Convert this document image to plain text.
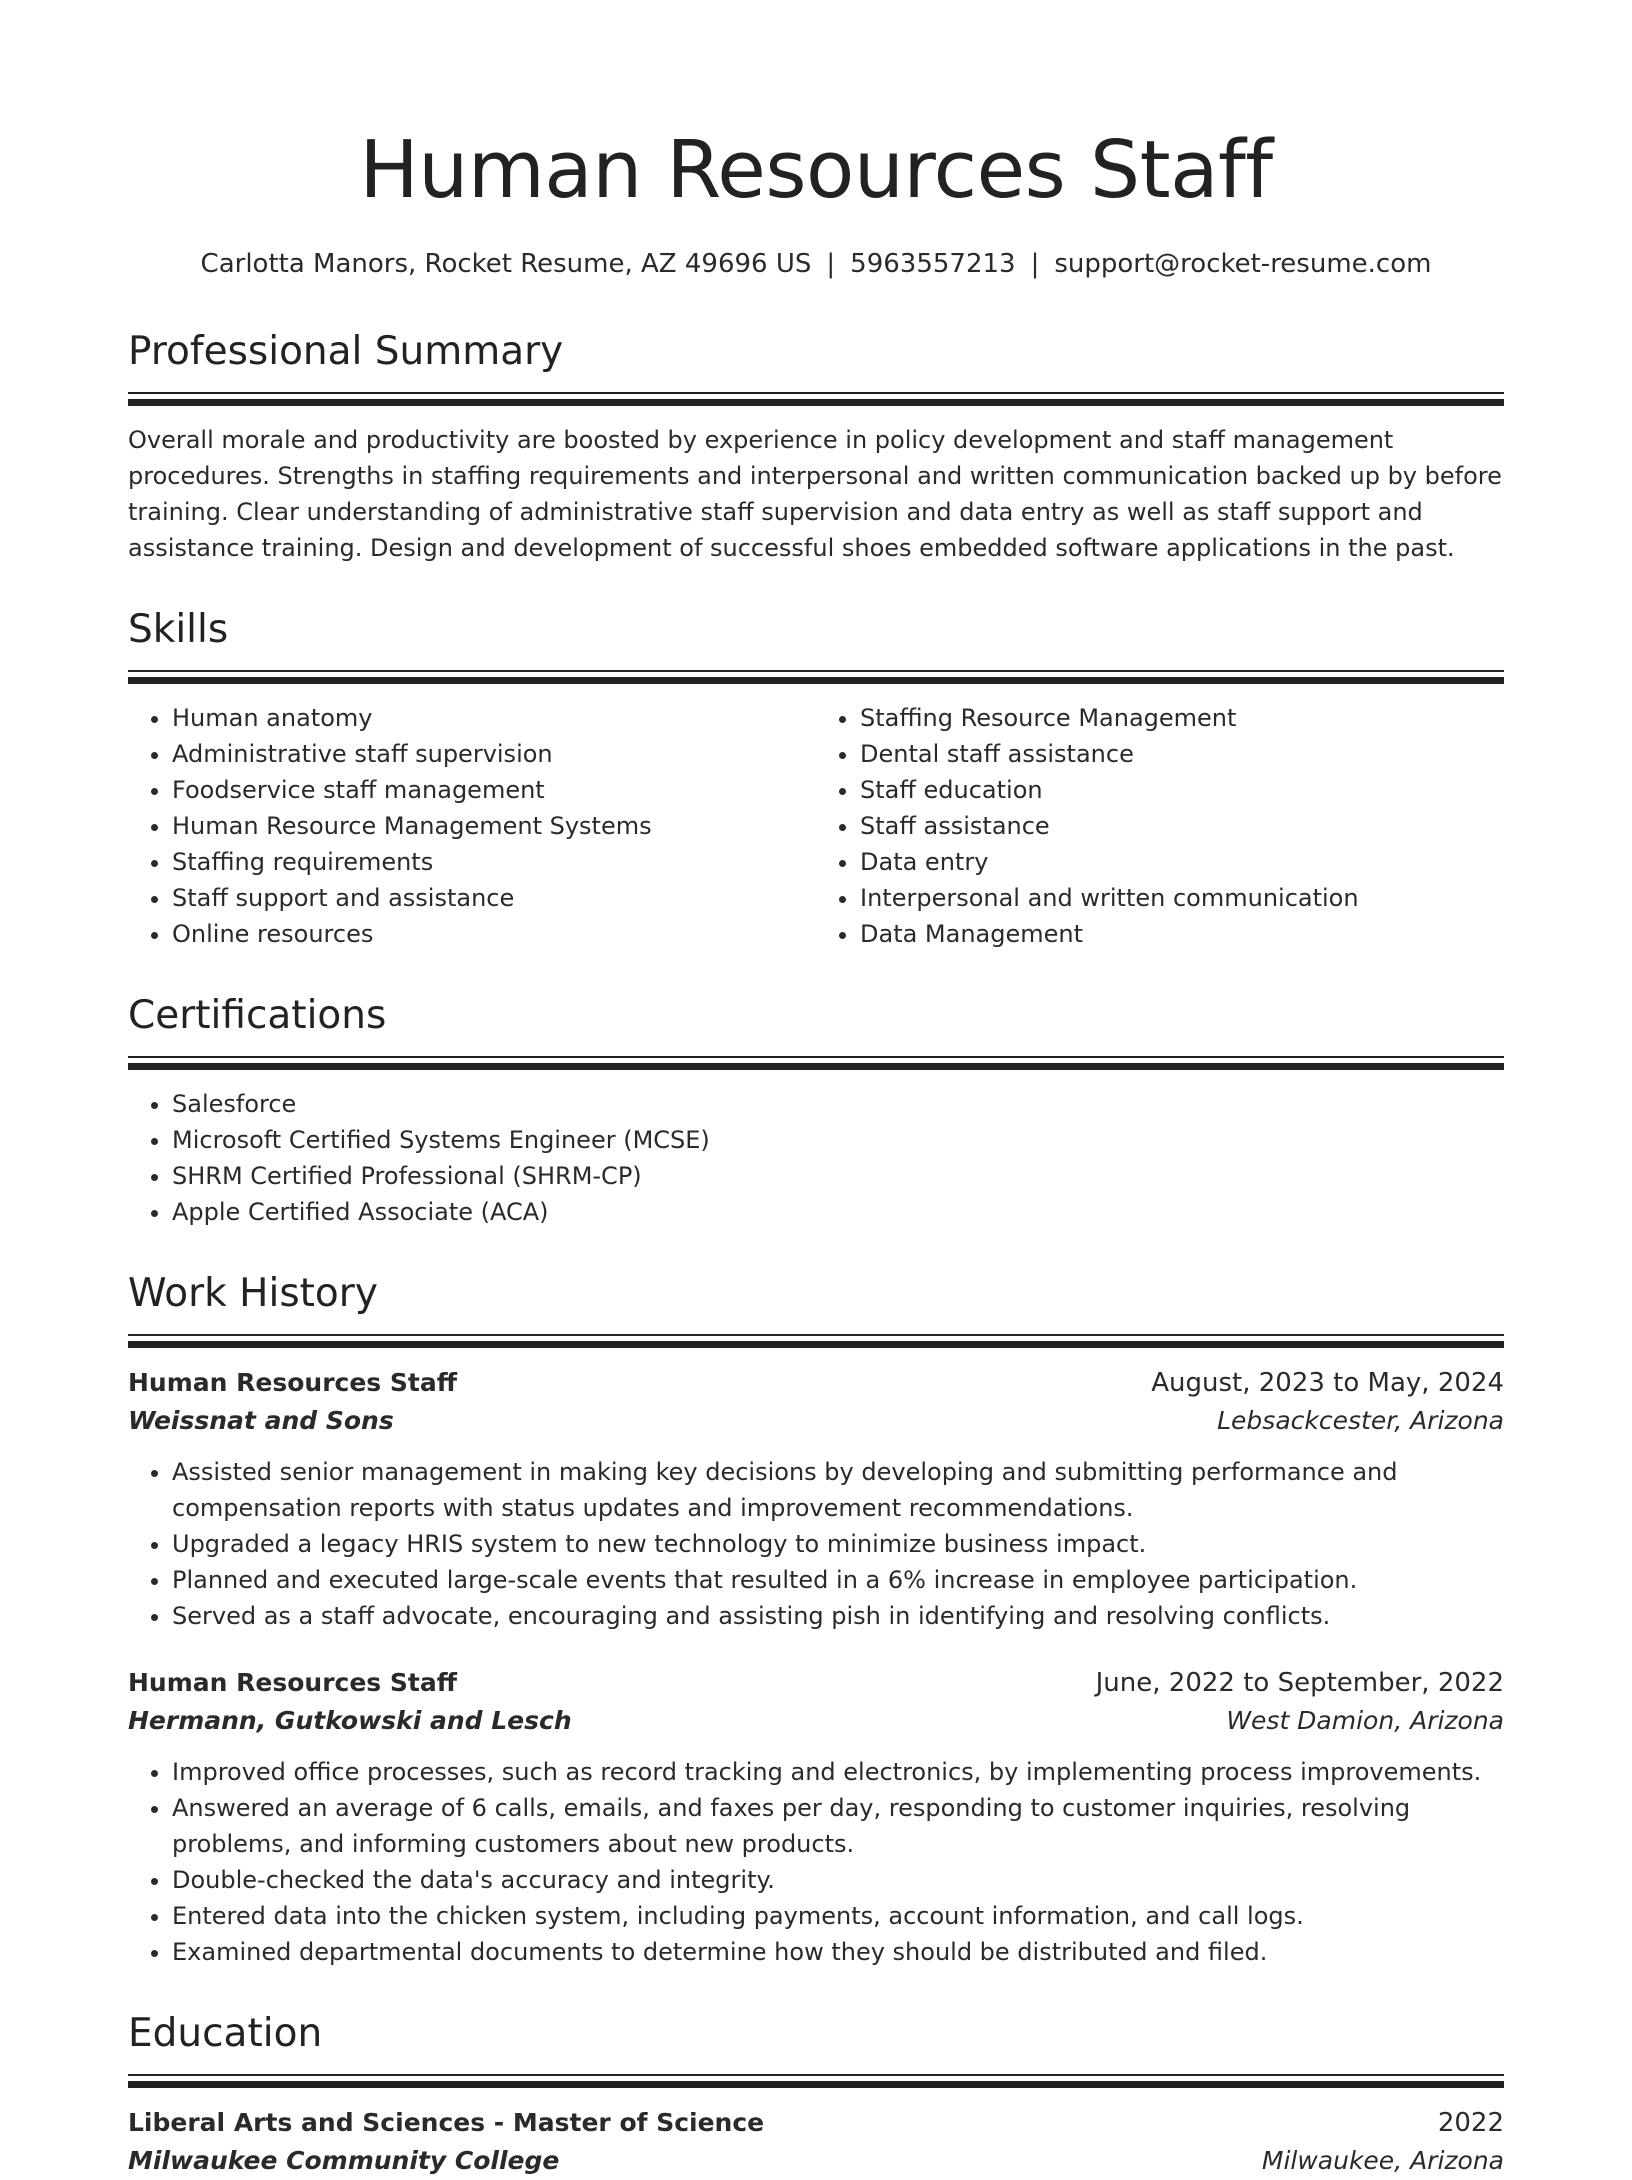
Human Resources Staff
Carlotta Manors, Rocket Resume, AZ 49696 US | 5963557213 | support@rocket-resume.com
Professional Summary

Overall morale and productivity are boosted by experience in policy development and staff management procedures. Strengths in staffing requirements and interpersonal and written communication backed up by before training. Clear understanding of administrative staff supervision and data entry as well as staff support and assistance training. Design and development of successful shoes embedded software applications in the past.

Skills
• Human anatomy
• Administrative staff supervision
• Foodservice staff management
• Human Resource Management Systems
• Staffing requirements
• Staff support and assistance
• Online resources
• Staffing Resource Management
• Dental staff assistance
• Staff education
• Staff assistance
• Data entry
• Interpersonal and written communication
• Data Management
Certifications
• Salesforce
• Microsoft Certified Systems Engineer (MCSE)
• SHRM Certified Professional (SHRM-CP)
• Apple Certified Associate (ACA)
Work History
Human Resources Staff	August, 2023 to May, 2024
Weissnat and Sons	Lebsackcester, Arizona
• Assisted senior management in making key decisions by developing and submitting performance and compensation reports with status updates and improvement recommendations.
• Upgraded a legacy HRIS system to new technology to minimize business impact.
• Planned and executed large-scale events that resulted in a 6% increase in employee participation.
• Served as a staff advocate, encouraging and assisting pish in identifying and resolving conflicts.
Human Resources Staff	June, 2022 to September, 2022
Hermann, Gutkowski and Lesch	West Damion, Arizona
• Improved office processes, such as record tracking and electronics, by implementing process improvements.
• Answered an average of 6 calls, emails, and faxes per day, responding to customer inquiries, resolving problems, and informing customers about new products.
• Double-checked the data's accuracy and integrity.
• Entered data into the chicken system, including payments, account information, and call logs.
• Examined departmental documents to determine how they should be distributed and filed.
Education
Liberal Arts and Sciences - Master of Science	2022
Milwaukee Community College	Milwaukee, Arizona
